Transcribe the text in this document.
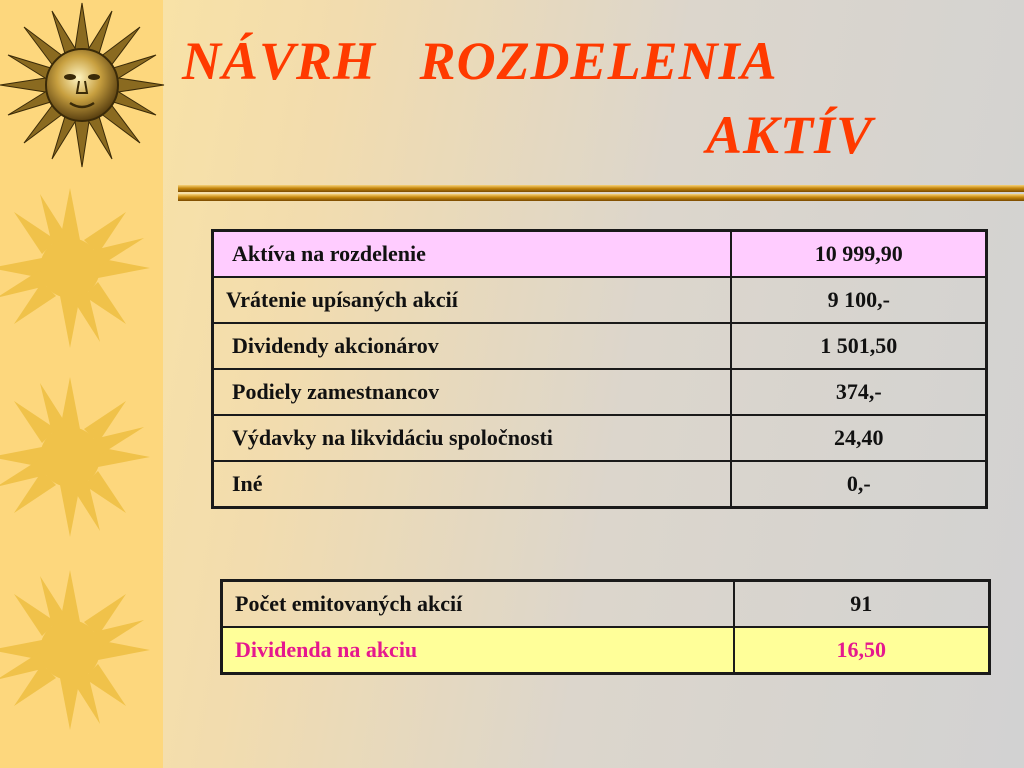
NÁVRH   ROZDELENIA
AKTÍV
Aktíva na rozdelenie	10 999,90
Vrátenie upísaných akcií	9 100,-
Dividendy akcionárov	1 501,50
Podiely zamestnancov	374,-
Výdavky na likvidáciu spoločnosti	24,40
Iné	0,-
Počet emitovaných akcií	91
Dividenda na akciu	16,50
